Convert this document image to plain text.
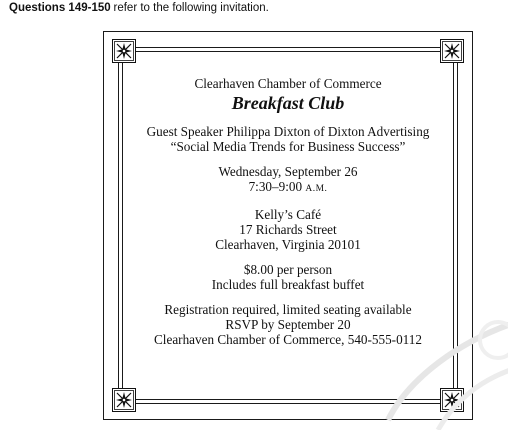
Questions 149-150 refer to the following invitation.
Clearhaven Chamber of Commerce
Breakfast Club
Guest Speaker Philippa Dixton of Dixton Advertising
“Social Media Trends for Business Success”
Wednesday, September 26
7:30–9:00 A.M.
Kelly’s Café
17 Richards Street
Clearhaven, Virginia 20101
$8.00 per person
Includes full breakfast buffet
Registration required, limited seating available
RSVP by September 20
Clearhaven Chamber of Commerce, 540-555-0112
